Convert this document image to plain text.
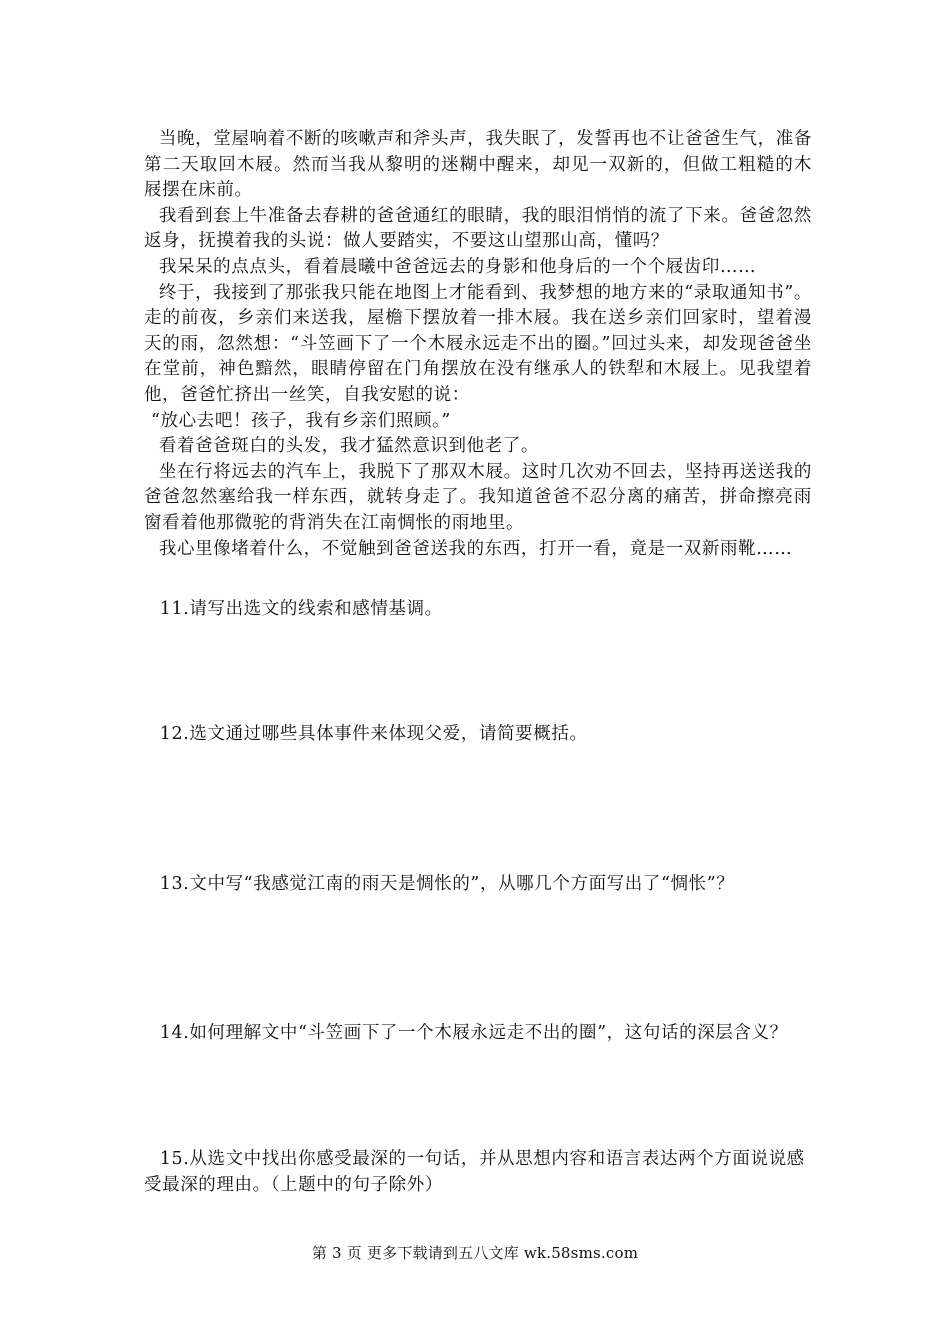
当晚，堂屋响着不断的咳嗽声和斧头声，我失眠了，发誓再也不让爸爸生气，准备第二天取回木屐。然而当我从黎明的迷糊中醒来，却见一双新的，但做工粗糙的木屐摆在床前。

我看到套上牛准备去春耕的爸爸通红的眼睛，我的眼泪悄悄的流了下来。爸爸忽然返身，抚摸着我的头说：做人要踏实，不要这山望那山高，懂吗？

我呆呆的点点头，看着晨曦中爸爸远去的身影和他身后的一个个屐齿印……

终于，我接到了那张我只能在地图上才能看到、我梦想的地方来的“录取通知书”。走的前夜，乡亲们来送我，屋檐下摆放着一排木屐。我在送乡亲们回家时，望着漫天的雨，忽然想：“斗笠画下了一个木屐永远走不出的圈。”回过头来，却发现爸爸坐在堂前，神色黯然，眼睛停留在门角摆放在没有继承人的铁犁和木屐上。见我望着他，爸爸忙挤出一丝笑，自我安慰的说：

“放心去吧！孩子，我有乡亲们照顾。”

看着爸爸斑白的头发，我才猛然意识到他老了。

坐在行将远去的汽车上，我脱下了那双木屐。这时几次劝不回去，坚持再送送我的爸爸忽然塞给我一样东西，就转身走了。我知道爸爸不忍分离的痛苦，拼命擦亮雨窗看着他那微驼的背消失在江南惆怅的雨地里。

我心里像堵着什么，不觉触到爸爸送我的东西，打开一看，竟是一双新雨靴……

11.请写出选文的线索和感情基调。

12.选文通过哪些具体事件来体现父爱，请简要概括。

13.文中写“我感觉江南的雨天是惆怅的”，从哪几个方面写出了“惆怅”？

14.如何理解文中“斗笠画下了一个木屐永远走不出的圈”，这句话的深层含义？

15.从选文中找出你感受最深的一句话，并从思想内容和语言表达两个方面说说感受最深的理由。（上题中的句子除外）

第 3 页 更多下载请到五八文库 wk.58sms.com
